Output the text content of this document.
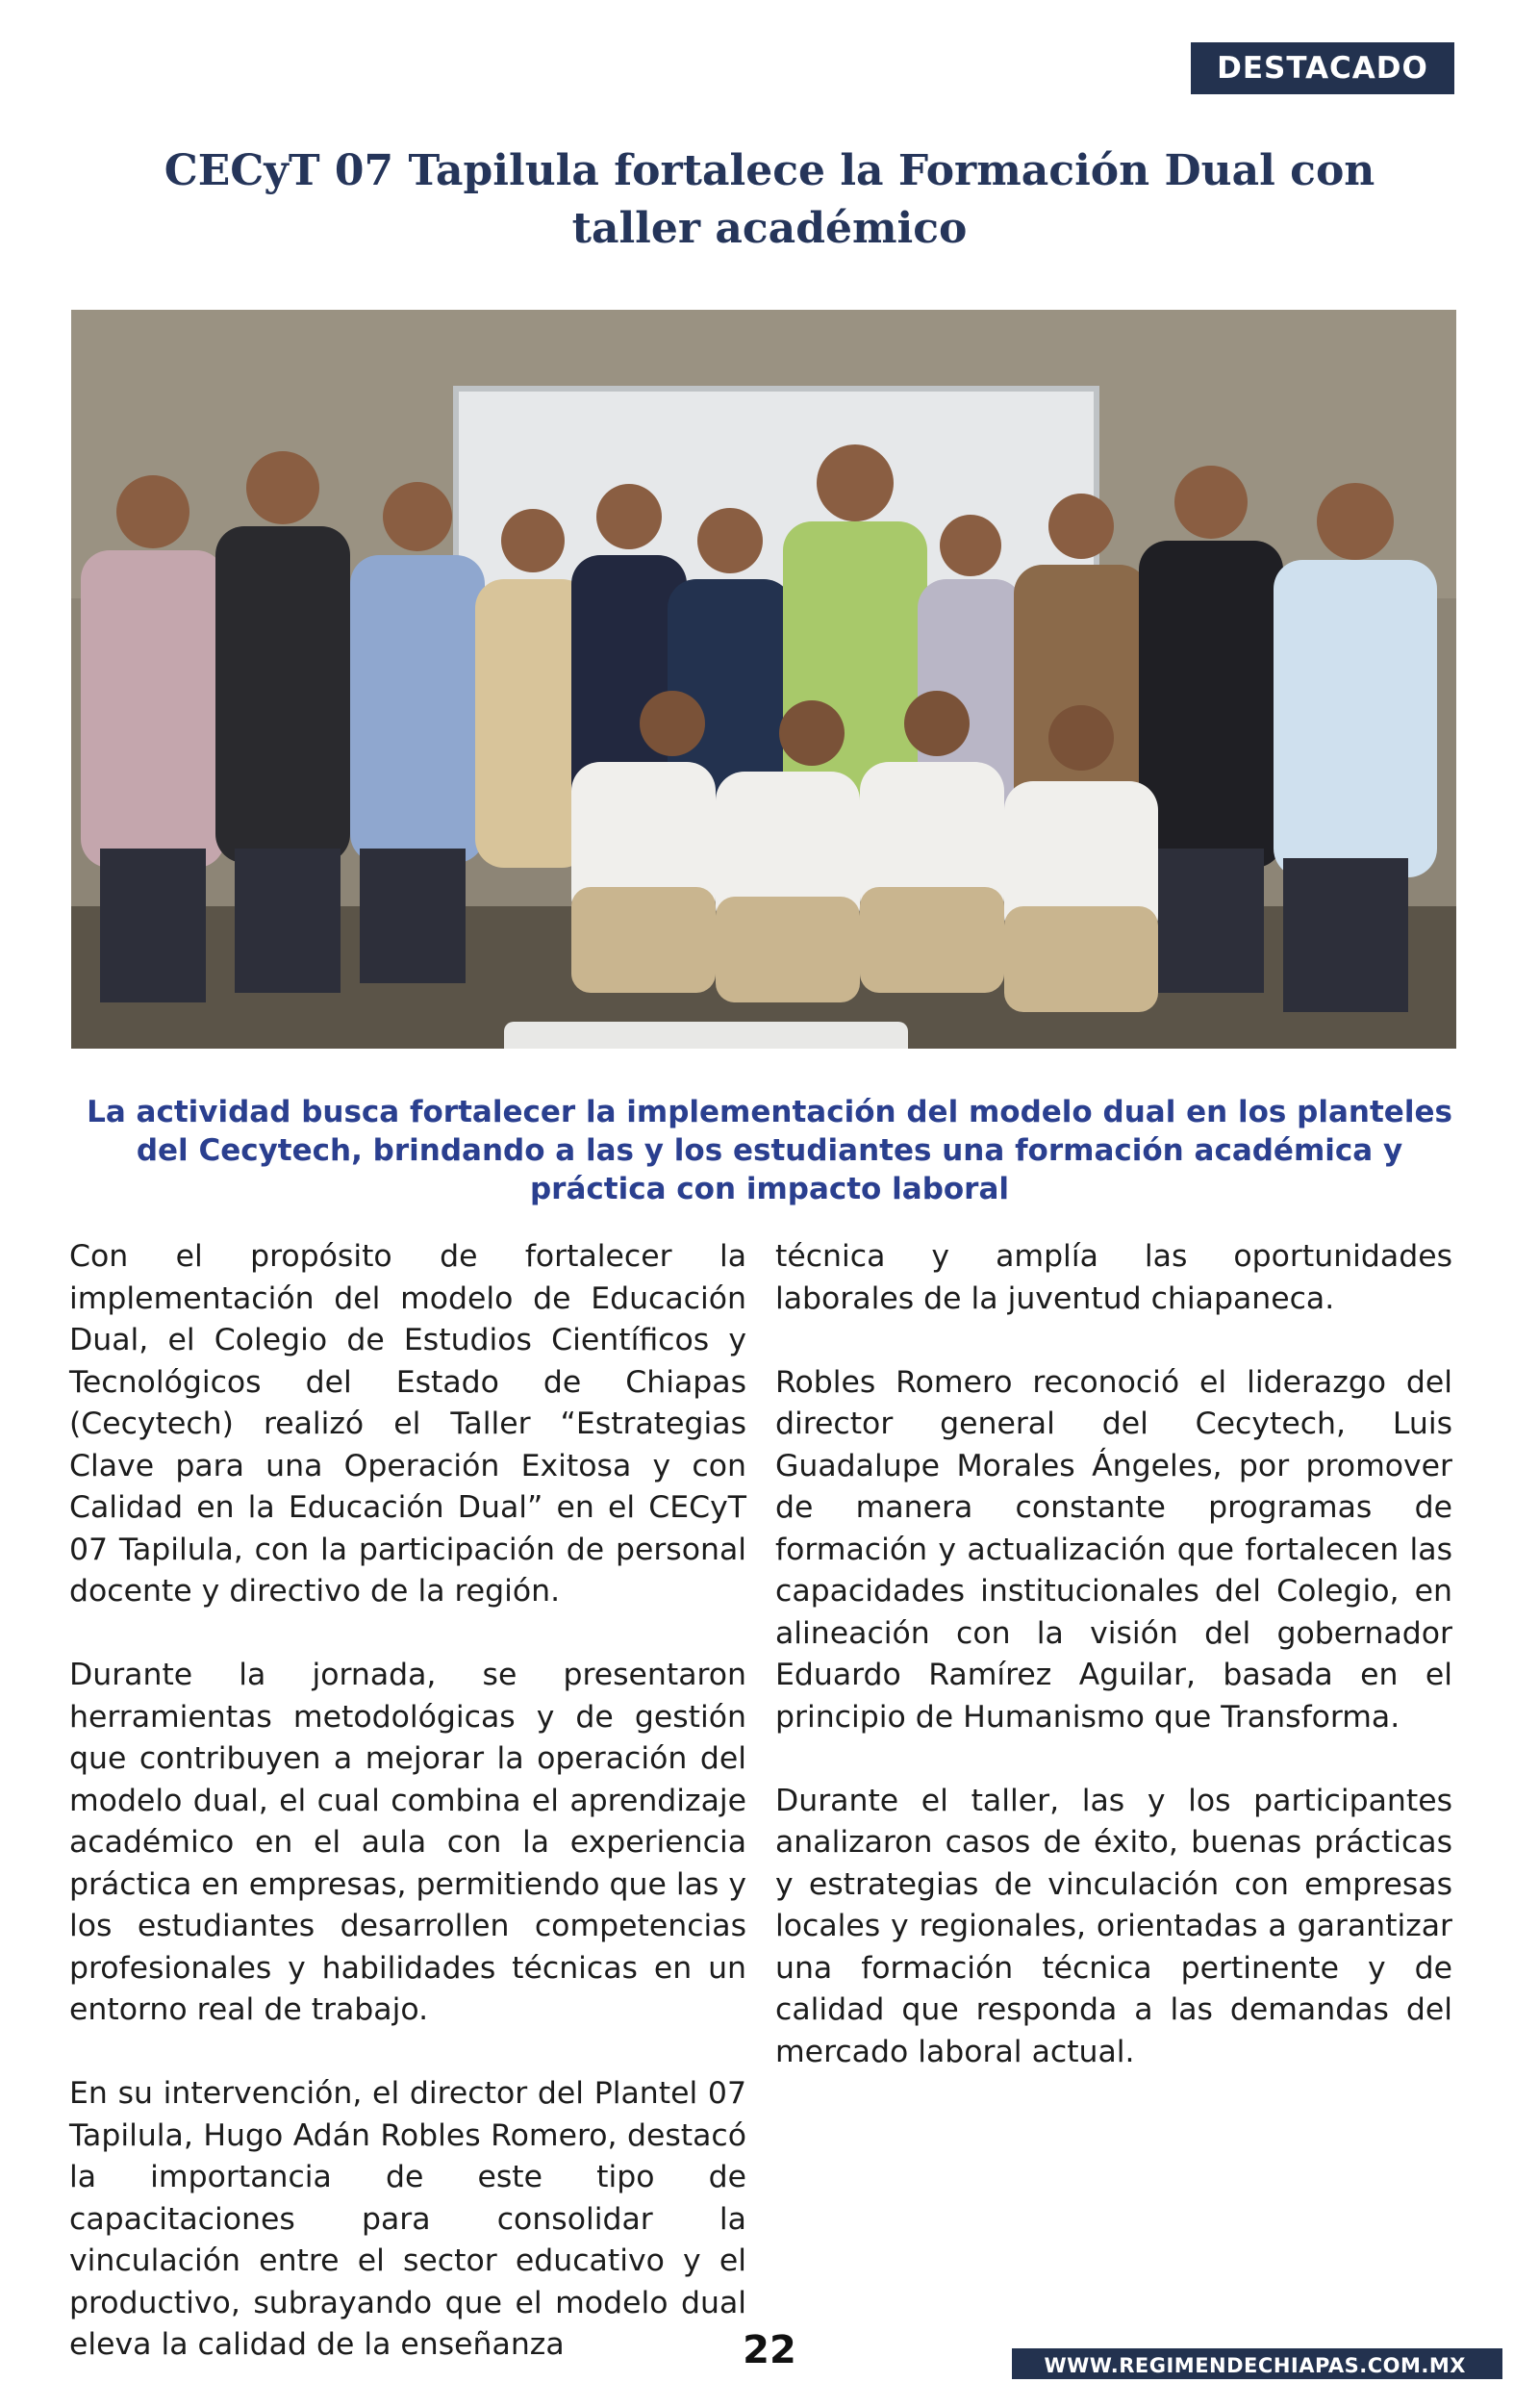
DESTACADO
CECyT 07 Tapilula fortalece la Formación Dual con taller académico

La actividad busca fortalecer la implementación del modelo dual en los planteles del Cecytech, brindando a las y los estudiantes una formación académica y práctica con impacto laboral

Con el propósito de fortalecer la implementación del modelo de Educación Dual, el Colegio de Estudios Científicos y Tecnológicos del Estado de Chiapas (Cecytech) realizó el Taller “Estrategias Clave para una Operación Exitosa y con Calidad en la Educación Dual” en el CECyT 07 Tapilula, con la participación de personal docente y directivo de la región.

Durante la jornada, se presentaron herramientas metodológicas y de gestión que contribuyen a mejorar la operación del modelo dual, el cual combina el aprendizaje académico en el aula con la experiencia práctica en empresas, permitiendo que las y los estudiantes desarrollen competencias profesionales y habilidades técnicas en un entorno real de trabajo.

En su intervención, el director del Plantel 07 Tapilula, Hugo Adán Robles Romero, destacó la importancia de este tipo de capacitaciones para consolidar la vinculación entre el sector educativo y el productivo, subrayando que el modelo dual eleva la calidad de la enseñanza

técnica y amplía las oportunidades laborales de la juventud chiapaneca.

Robles Romero reconoció el liderazgo del director general del Cecytech, Luis Guadalupe Morales Ángeles, por promover de manera constante programas de formación y actualización que fortalecen las capacidades institucionales del Colegio, en alineación con la visión del gobernador Eduardo Ramírez Aguilar, basada en el principio de Humanismo que Transforma.

Durante el taller, las y los participantes analizaron casos de éxito, buenas prácticas y estrategias de vinculación con empresas locales y regionales, orientadas a garantizar una formación técnica pertinente y de calidad que responda a las demandas del mercado laboral actual.

22	WWW.REGIMENDECHIAPAS.COM.MX
